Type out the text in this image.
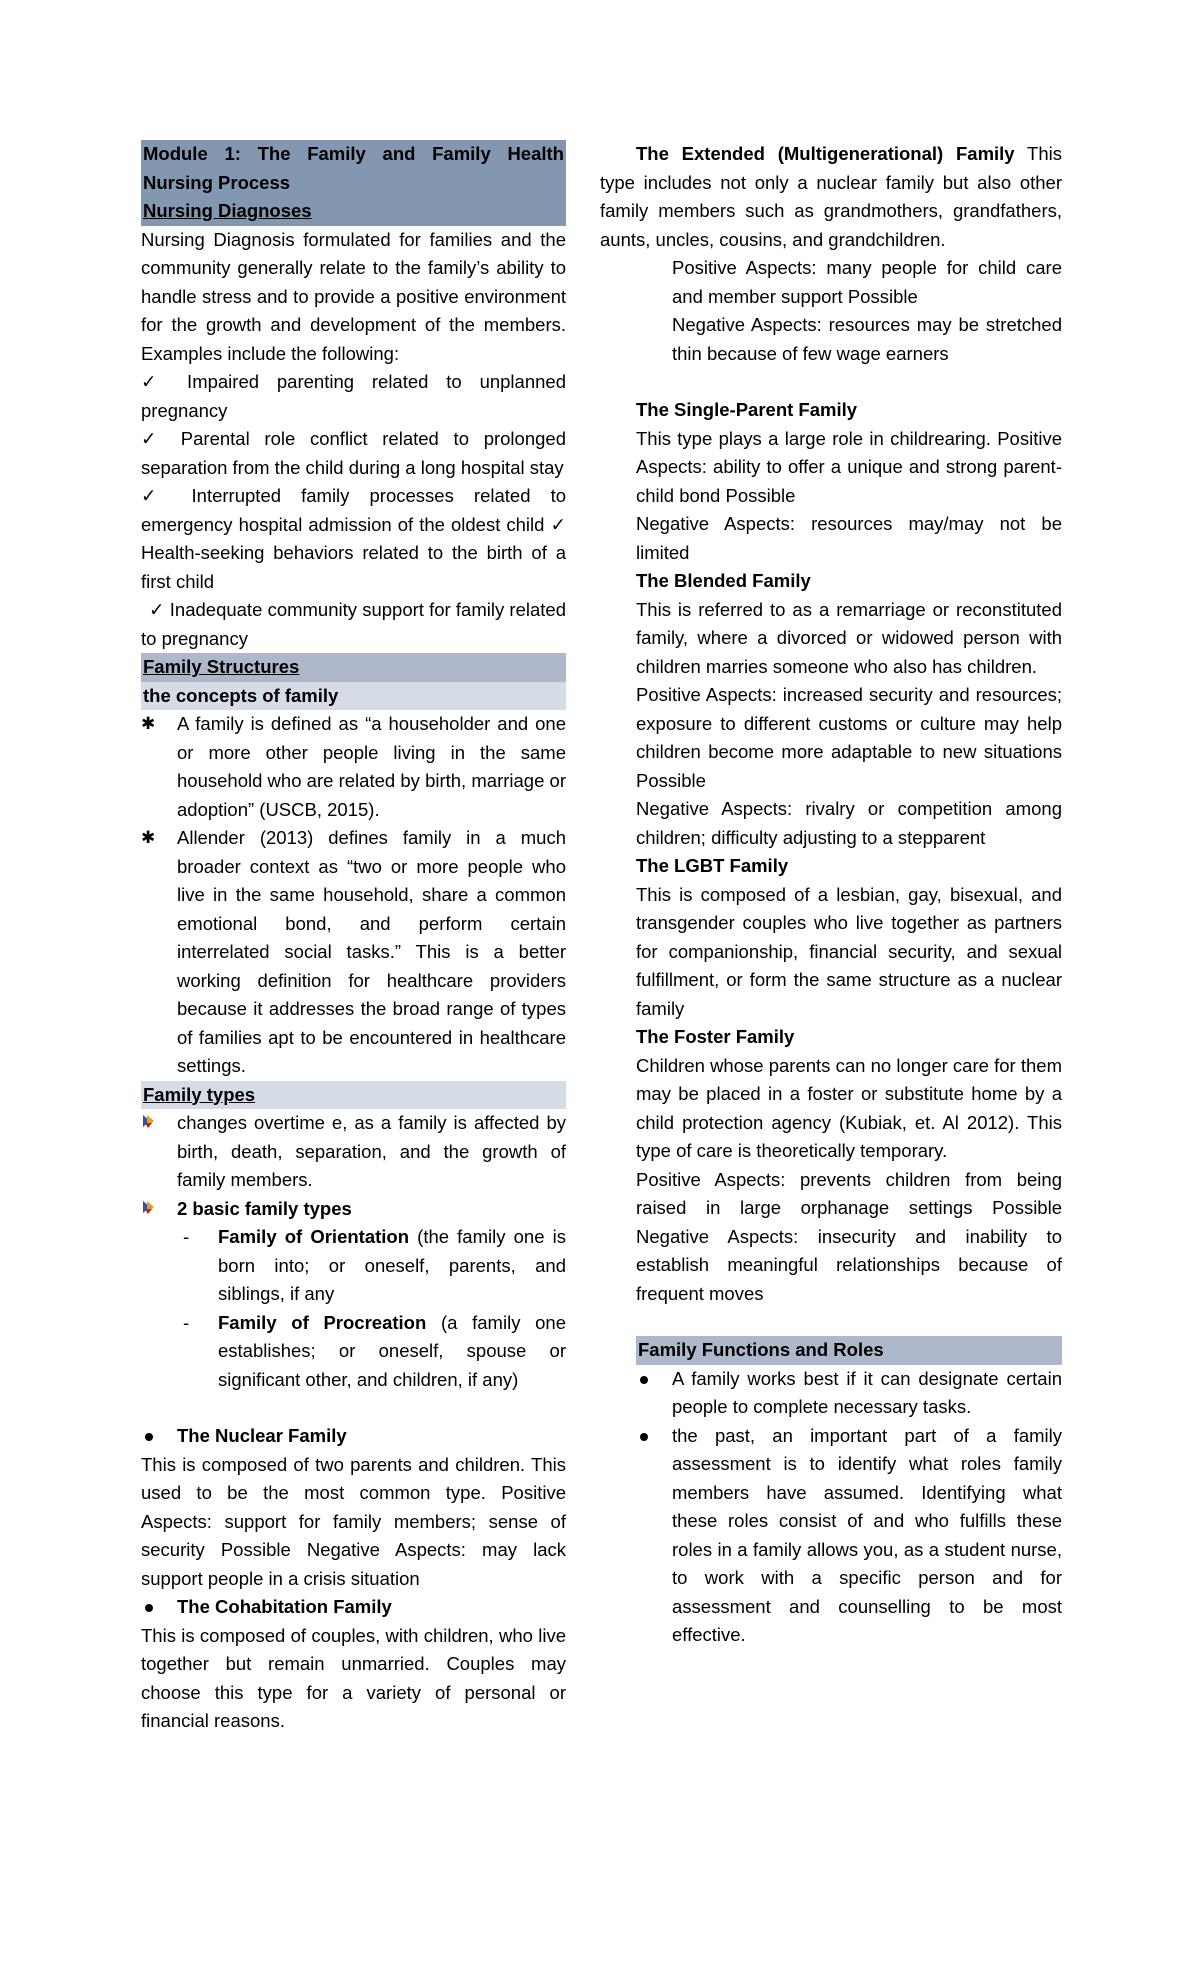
Module 1: The Family and Family Health Nursing Process
Nursing Diagnoses
Nursing Diagnosis formulated for families and the community generally relate to the family’s ability to handle stress and to provide a positive environment for the growth and development of the members. Examples include the following:
✓ Impaired parenting related to unplanned pregnancy
✓ Parental role conflict related to prolonged separation from the child during a long hospital stay
✓ Interrupted family processes related to emergency hospital admission of the oldest child ✓ Health-seeking behaviors related to the birth of a first child
✓ Inadequate community support for family related to pregnancy
Family Structures
the concepts of family
✱	A family is defined as “a householder and one or more other people living in the same household who are related by birth, marriage or adoption” (USCB, 2015).
✱	Allender (2013) defines family in a much broader context as “two or more people who live in the same household, share a common emotional bond, and perform certain interrelated social tasks.” This is a better working definition for healthcare providers because it addresses the broad range of types of families apt to be encountered in healthcare settings.
Family types
changes overtime e, as a family is affected by birth, death, separation, and the growth of family members.
2 basic family types
- Family of Orientation (the family one is born into; or oneself, parents, and siblings, if any
- Family of Procreation (a family one establishes; or oneself, spouse or significant other, and children, if any)
The Nuclear Family
This is composed of two parents and children. This used to be the most common type. Positive Aspects: support for family members; sense of security Possible Negative Aspects: may lack support people in a crisis situation
The Cohabitation Family
This is composed of couples, with children, who live together but remain unmarried. Couples may choose this type for a variety of personal or financial reasons.
The Extended (Multigenerational) Family This type includes not only a nuclear family but also other family members such as grandmothers, grandfathers, aunts, uncles, cousins, and grandchildren.
Positive Aspects: many people for child care and member support Possible
Negative Aspects: resources may be stretched thin because of few wage earners
The Single-Parent Family
This type plays a large role in childrearing. Positive Aspects: ability to offer a unique and strong parent-child bond Possible
Negative Aspects: resources may/may not be limited
The Blended Family
This is referred to as a remarriage or reconstituted family, where a divorced or widowed person with children marries someone who also has children.
Positive Aspects: increased security and resources; exposure to different customs or culture may help children become more adaptable to new situations Possible
Negative Aspects: rivalry or competition among children; difficulty adjusting to a stepparent
The LGBT Family
This is composed of a lesbian, gay, bisexual, and transgender couples who live together as partners for companionship, financial security, and sexual fulfillment, or form the same structure as a nuclear family
The Foster Family
Children whose parents can no longer care for them may be placed in a foster or substitute home by a child protection agency (Kubiak, et. Al 2012). This type of care is theoretically temporary.
Positive Aspects: prevents children from being raised in large orphanage settings Possible Negative Aspects: insecurity and inability to establish meaningful relationships because of frequent moves
Family Functions and Roles
A family works best if it can designate certain people to complete necessary tasks.
the past, an important part of a family assessment is to identify what roles family members have assumed. Identifying what these roles consist of and who fulfills these roles in a family allows you, as a student nurse, to work with a specific person and for assessment and counselling to be most effective.
